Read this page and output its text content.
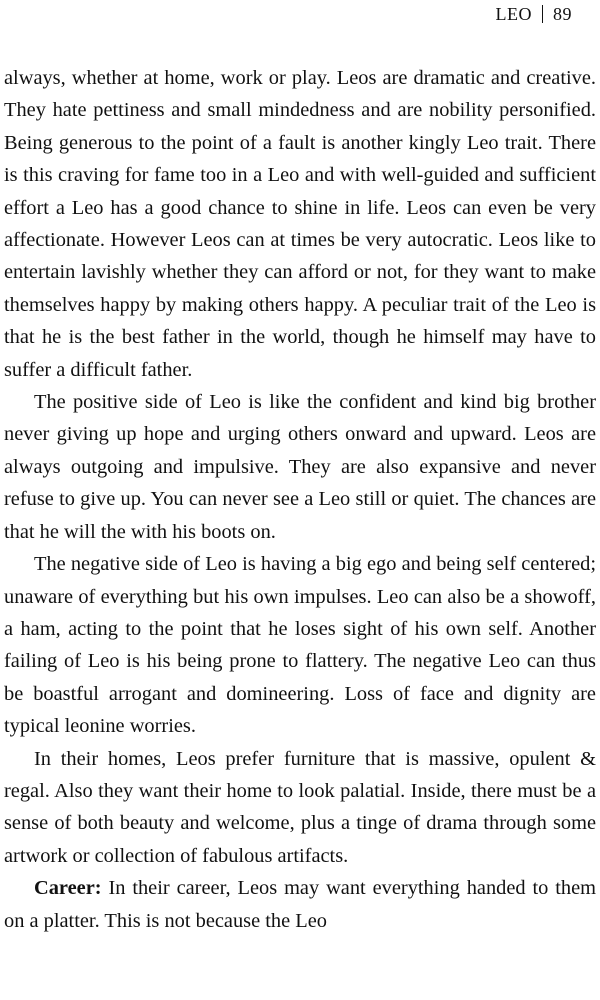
LEO 89

always, whether at home, work or play. Leos are dramatic and creative. They hate pettiness and small mindedness and are nobility personified. Being generous to the point of a fault is another kingly Leo trait. There is this craving for fame too in a Leo and with well-guided and sufficient effort a Leo has a good chance to shine in life. Leos can even be very affectionate. However Leos can at times be very autocratic. Leos like to entertain lavishly whether they can afford or not, for they want to make themselves happy by making others happy. A peculiar trait of the Leo is that he is the best father in the world, though he himself may have to suffer a difficult father.

The positive side of Leo is like the confident and kind big brother never giving up hope and urging others onward and upward. Leos are always outgoing and impulsive. They are also expansive and never refuse to give up. You can never see a Leo still or quiet. The chances are that he will the with his boots on.

The negative side of Leo is having a big ego and being self centered; unaware of everything but his own impulses. Leo can also be a showoff, a ham, acting to the point that he loses sight of his own self. Another failing of Leo is his being prone to flattery. The negative Leo can thus be boastful arrogant and domineering. Loss of face and dignity are typical leonine worries.

In their homes, Leos prefer furniture that is massive, opulent & regal. Also they want their home to look palatial. Inside, there must be a sense of both beauty and welcome, plus a tinge of drama through some artwork or collection of fabulous artifacts.

Career: In their career, Leos may want everything handed to them on a platter. This is not because the Leo
